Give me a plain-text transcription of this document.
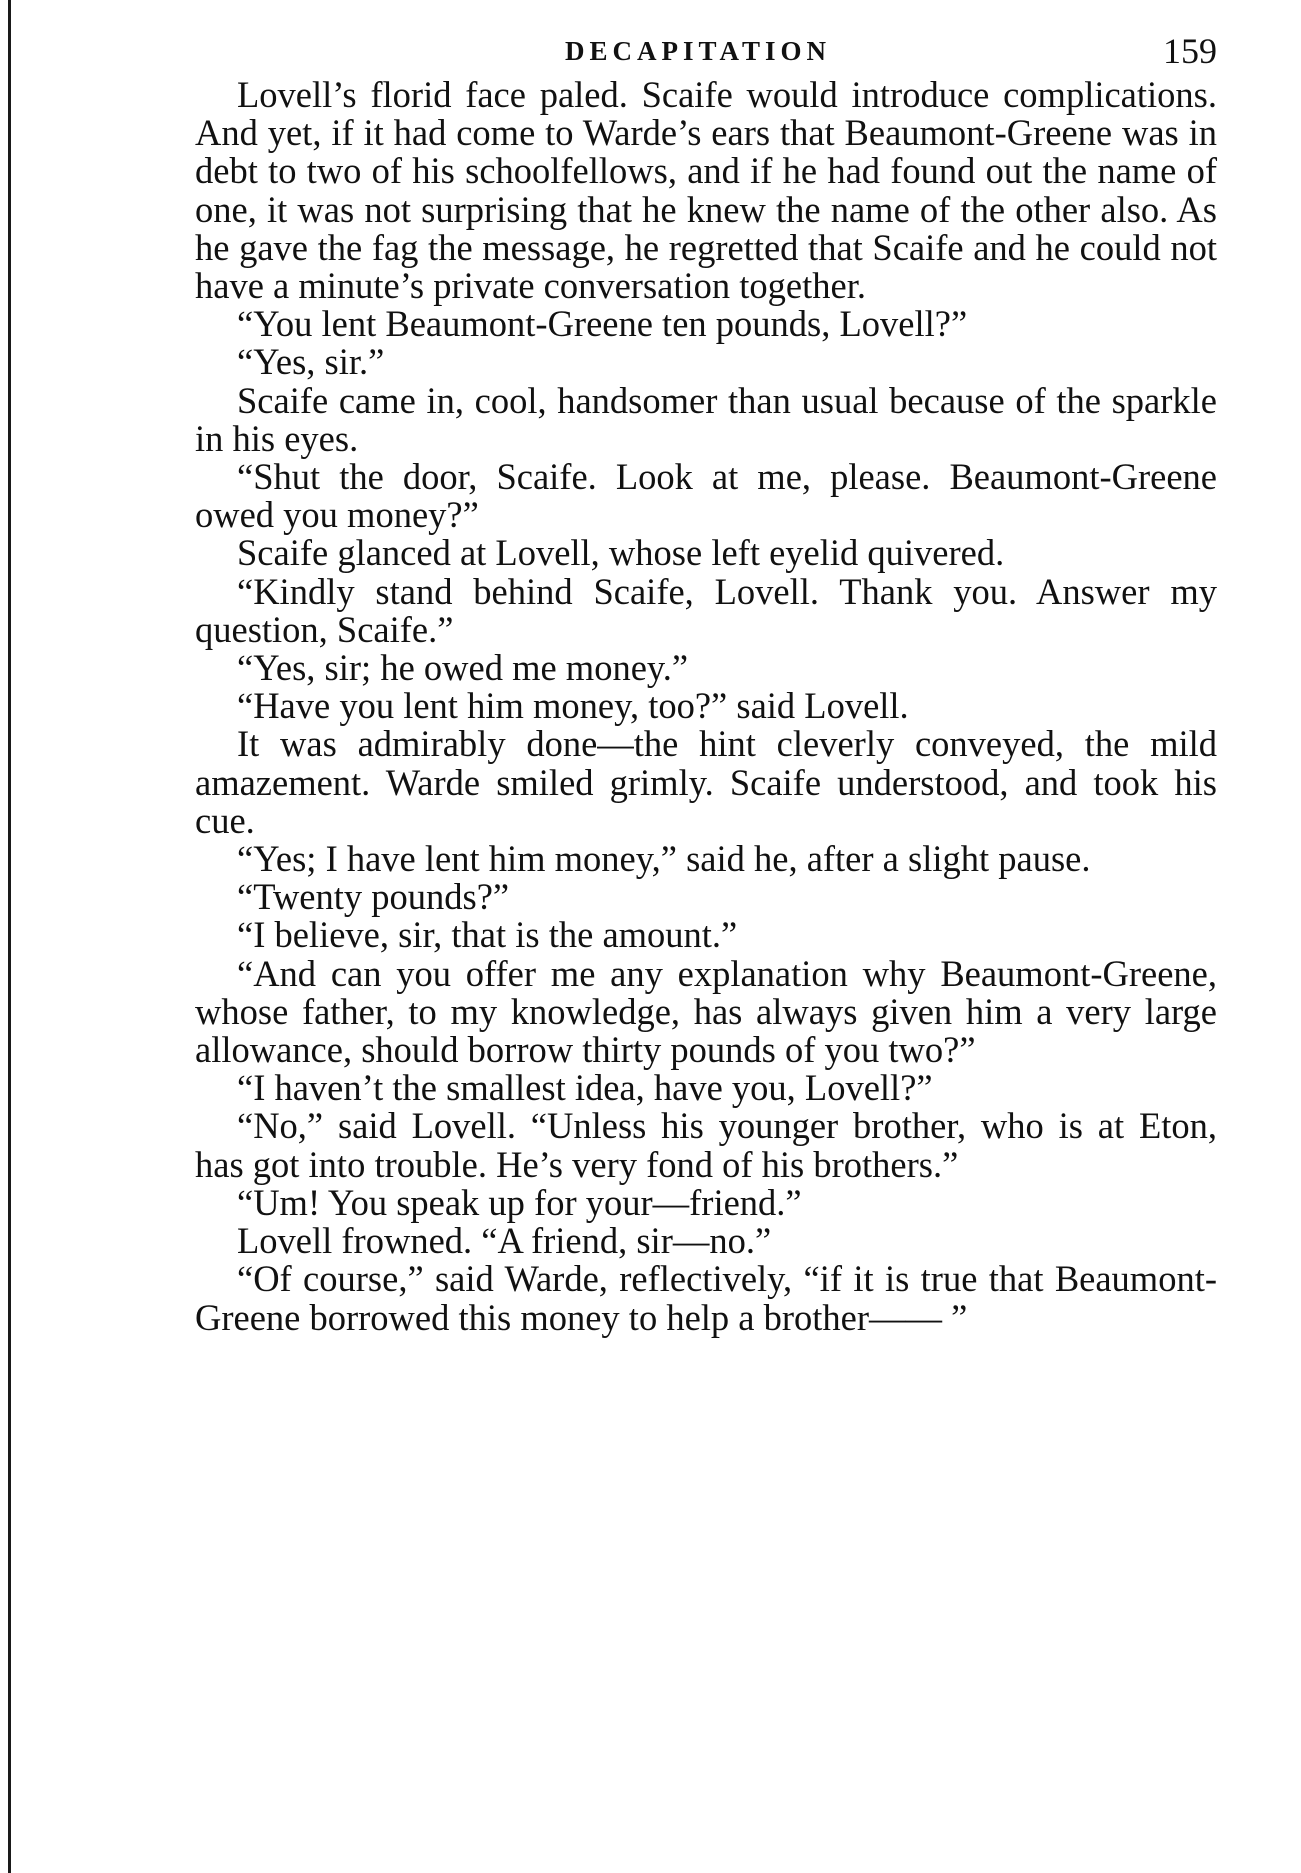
DECAPITATION	159

Lovell’s florid face paled. Scaife would introduce complications. And yet, if it had come to Warde’s ears that Beaumont-Greene was in debt to two of his schoolfellows, and if he had found out the name of one, it was not surprising that he knew the name of the other also. As he gave the fag the message, he regretted that Scaife and he could not have a minute’s private conversation together.

“You lent Beaumont-Greene ten pounds, Lovell?”

“Yes, sir.”

Scaife came in, cool, handsomer than usual because of the sparkle in his eyes.

“Shut the door, Scaife. Look at me, please. Beaumont-Greene owed you money?”

Scaife glanced at Lovell, whose left eyelid quivered.

“Kindly stand behind Scaife, Lovell. Thank you. Answer my question, Scaife.”

“Yes, sir; he owed me money.”

“Have you lent him money, too?” said Lovell.

It was admirably done—the hint cleverly conveyed, the mild amazement. Warde smiled grimly. Scaife understood, and took his cue.

“Yes; I have lent him money,” said he, after a slight pause.

“Twenty pounds?”

“I believe, sir, that is the amount.”

“And can you offer me any explanation why Beaumont-Greene, whose father, to my knowledge, has always given him a very large allowance, should borrow thirty pounds of you two?”

“I haven’t the smallest idea, have you, Lovell?”

“No,” said Lovell. “Unless his younger brother, who is at Eton, has got into trouble. He’s very fond of his brothers.”

“Um! You speak up for your—friend.”

Lovell frowned. “A friend, sir—no.”

“Of course,” said Warde, reflectively, “if it is true that Beaumont-Greene borrowed this money to help a brother—— ”
